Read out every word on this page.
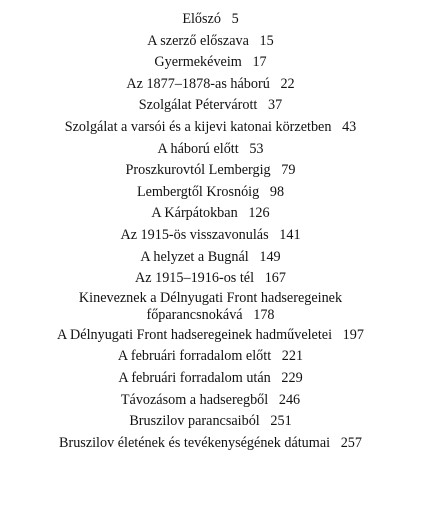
Előszó 5
A szerző előszava 15
Gyermekéveim 17
Az 1877–1878-as háború 22
Szolgálat Pétervárott 37
Szolgálat a varsói és a kijevi katonai körzetben 43
A háború előtt 53
Proszkurovtól Lembergig 79
Lembergtől Krosnóig 98
A Kárpátokban 126
Az 1915-ös visszavonulás 141
A helyzet a Bugnál 149
Az 1915–1916-os tél 167
Kineveznek a Délnyugati Front hadseregeinek
főparancsnokává 178
A Délnyugati Front hadseregeinek hadműveletei 197
A februári forradalom előtt 221
A februári forradalom után 229
Távozásom a hadseregből 246
Bruszilov parancsaiból 251
Bruszilov életének és tevékenységének dátumai 257
